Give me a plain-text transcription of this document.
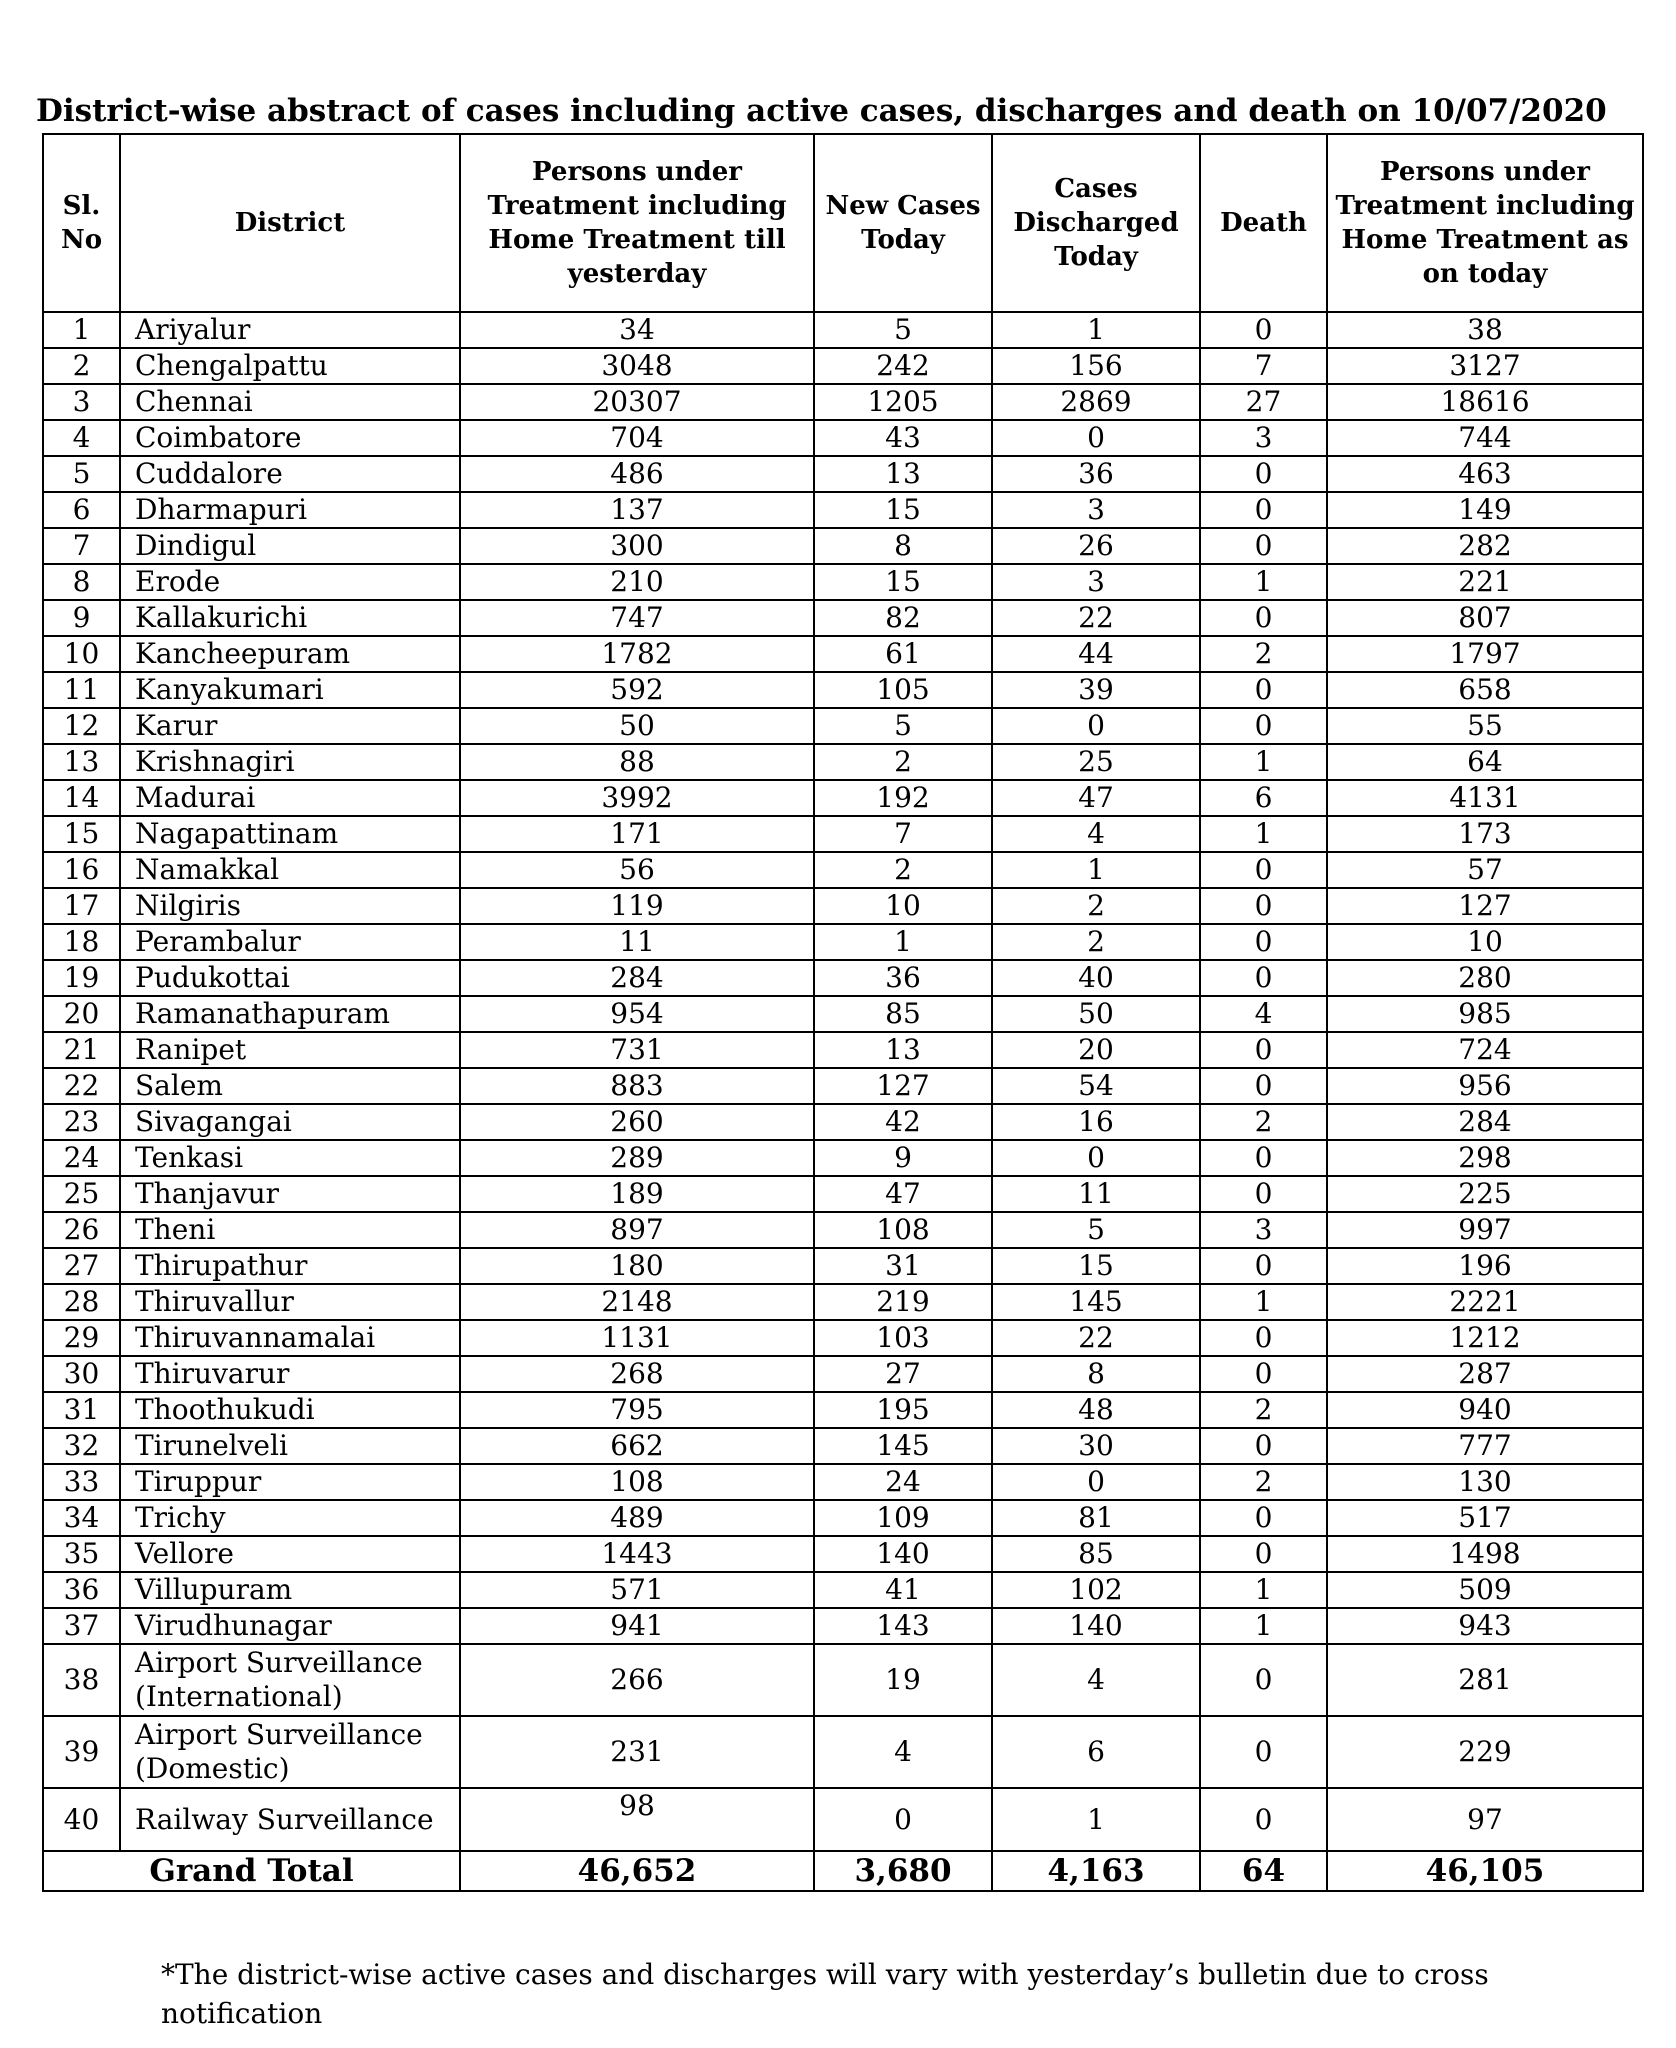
District-wise abstract of cases including active cases, discharges and death on 10/07/2020
Sl. No	District	Persons under Treatment including Home Treatment till yesterday	New Cases Today	Cases Discharged Today	Death	Persons under Treatment including Home Treatment as on today
1	Ariyalur	34	5	1	0	38
2	Chengalpattu	3048	242	156	7	3127
3	Chennai	20307	1205	2869	27	18616
4	Coimbatore	704	43	0	3	744
5	Cuddalore	486	13	36	0	463
6	Dharmapuri	137	15	3	0	149
7	Dindigul	300	8	26	0	282
8	Erode	210	15	3	1	221
9	Kallakurichi	747	82	22	0	807
10	Kancheepuram	1782	61	44	2	1797
11	Kanyakumari	592	105	39	0	658
12	Karur	50	5	0	0	55
13	Krishnagiri	88	2	25	1	64
14	Madurai	3992	192	47	6	4131
15	Nagapattinam	171	7	4	1	173
16	Namakkal	56	2	1	0	57
17	Nilgiris	119	10	2	0	127
18	Perambalur	11	1	2	0	10
19	Pudukottai	284	36	40	0	280
20	Ramanathapuram	954	85	50	4	985
21	Ranipet	731	13	20	0	724
22	Salem	883	127	54	0	956
23	Sivagangai	260	42	16	2	284
24	Tenkasi	289	9	0	0	298
25	Thanjavur	189	47	11	0	225
26	Theni	897	108	5	3	997
27	Thirupathur	180	31	15	0	196
28	Thiruvallur	2148	219	145	1	2221
29	Thiruvannamalai	1131	103	22	0	1212
30	Thiruvarur	268	27	8	0	287
31	Thoothukudi	795	195	48	2	940
32	Tirunelveli	662	145	30	0	777
33	Tiruppur	108	24	0	2	130
34	Trichy	489	109	81	0	517
35	Vellore	1443	140	85	0	1498
36	Villupuram	571	41	102	1	509
37	Virudhunagar	941	143	140	1	943
38	Airport Surveillance (International)	266	19	4	0	281
39	Airport Surveillance (Domestic)	231	4	6	0	229
40	Railway Surveillance	98	0	1	0	97
Grand Total		46,652	3,680	4,163	64	46,105
*The district-wise active cases and discharges will vary with yesterday’s bulletin due to cross notification
